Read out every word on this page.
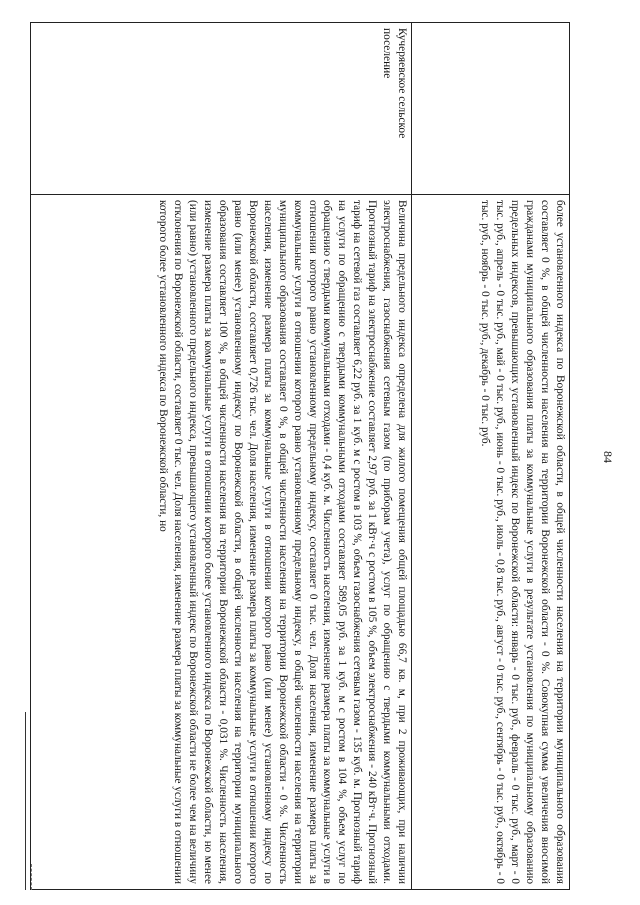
84
более установленного индекса по Воронежской области, в общей численности населения на территории муниципального образования составляет 0 %, в общей численности населения на территории Воронежской области - 0 %. Совокупная сумма увеличения вносимой гражданами муниципального образования платы за коммунальные услуги в результате установления по муниципальному образованию предельных индексов, превышающих установленный индекс по Воронежской области: январь - 0 тыс. руб., февраль - 0 тыс. руб., март - 0 тыс. руб., апрель - 0 тыс. руб., май - 0 тыс. руб., июнь - 0 тыс. руб., июль - 0,8 тыс. руб., август - 0 тыс. руб., сентябрь - 0 тыс. руб., октябрь - 0 тыс. руб., ноябрь - 0 тыс. руб., декабрь - 0 тыс. руб.
Кучеряевское сельское поселение
Величина предельного индекса определена для жилого помещения общей площадью 66,7 кв. м, при 2 проживающих, при наличии электроснабжения, газоснабжения сетевым газом (по приборам учета), услуг по обращению с твердыми коммунальными отходами. Прогнозный тариф на электроснабжение составляет 2,97 руб. за 1 кВт·ч с ростом в 105 %, объем электроснабжения - 240 кВт·ч. Прогнозный тариф на сетевой газ составляет 6,22 руб. за 1 куб. м с ростом в 103 %, объем газоснабжения сетевым газом - 135 куб. м. Прогнозный тариф на услуги по обращению с твердыми коммунальными отходами составляет 589,05 руб. за 1 куб. м с ростом в 104 %, объем услуг по обращению с твердыми коммунальными отходами - 0,4 куб. м. Численность населения, изменение размера платы за коммунальные услуги в отношении которого равно установленному предельному индексу, составляет 0 тыс. чел. Доля населения, изменение размера платы за коммунальные услуги в отношении которого равно установленному предельному индексу, в общей численности населения на территории муниципального образования составляет 0 %, в общей численности населения на территории Воронежской области - 0 %. Численность населения, изменение размера платы за коммунальные услуги в отношении которого равно (или менее) установленному индексу по Воронежской области, составляет 0,726 тыс. чел. Доля населения, изменение размера платы за коммунальные услуги в отношении которого равно (или менее) установленному индексу по Воронежской области, в общей численности населения на территории муниципального образования составляет 100 %, в общей численности населения на территории Воронежской области - 0,031 %. Численность населения, изменение размера платы за коммунальные услуги в отношении которого более установленного индекса по Воронежской области, но менее (или равно) установленного предельного индекса, превышающего установленный индекс по Воронежской области не более чем на величину отклонения по Воронежской области, составляет 0 тыс. чел. Доля населения, изменение размера платы за коммунальные услуги в отношении которого более установленного индекса по Воронежской области, но
